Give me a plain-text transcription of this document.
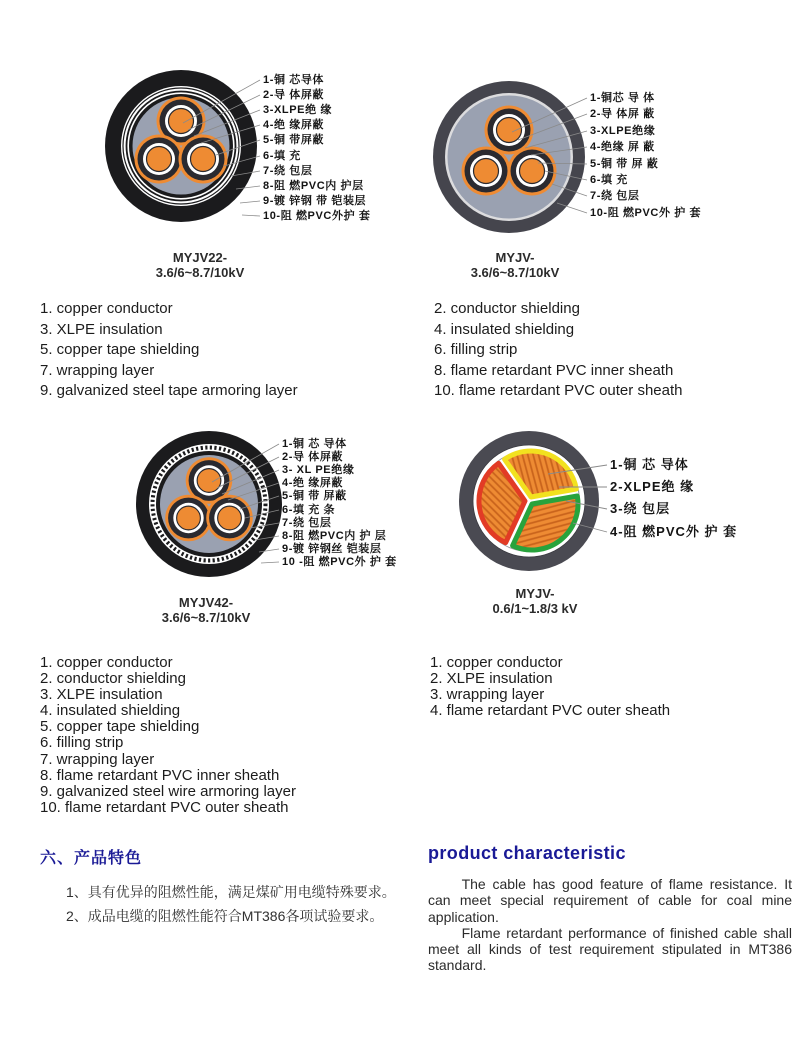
1-铜 芯导体
2-导 体屏蔽
3-XLPE绝 缘
4-绝 缘屏蔽
5-铜 带屏蔽
6-填 充
7-绕 包层
8-阻 燃PVC内 护层
9-镀 锌钢 带 铠装层
10-阻 燃PVC外护 套
MYJV22-
3.6/6~8.7/10kV
1-铜芯 导 体
2-导 体屏 蔽
3-XLPE绝缘
4-绝缘 屏 蔽
5-铜 带 屏 蔽
6-填 充
7-绕 包层
10-阻 燃PVC外 护 套
MYJV-
3.6/6~8.7/10kV
1. copper conductor
3. XLPE insulation
5. copper tape shielding
7. wrapping layer
9. galvanized steel tape armoring layer
2. conductor shielding
4. insulated shielding
6. filling strip
8. flame retardant PVC inner sheath
10. flame retardant PVC outer sheath
1-铜 芯 导体
2-导 体屏蔽
3- XL PE绝缘
4-绝 缘屏蔽
5-铜 带 屏蔽
6-填 充 条
7-绕 包层
8-阻 燃PVC内 护 层
9-镀 锌钢丝 铠装层
10 -阻 燃PVC外 护 套
MYJV42-
3.6/6~8.7/10kV
1-铜 芯 导体
2-XLPE绝 缘
3-绕 包层
4-阻 燃PVC外 护 套
MYJV-
0.6/1~1.8/3 kV
1. copper conductor
2. conductor shielding
3. XLPE insulation
4. insulated shielding
5. copper tape shielding
6. filling strip
7. wrapping layer
8. flame retardant PVC inner sheath
9. galvanized steel wire armoring layer
10. flame retardant PVC outer sheath
1. copper conductor
2. XLPE insulation
3. wrapping layer
4. flame retardant PVC outer sheath
六、产品特色
1、具有优异的阻燃性能，满足煤矿用电缆特殊要求。
2、成品电缆的阻燃性能符合MT386各项试验要求。
product characteristic

The cable has good feature of flame resistance. It can meet special requirement of cable for coal mine application.

Flame retardant performance of finished cable shall meet all kinds of test requirement stipulated in MT386 standard.
